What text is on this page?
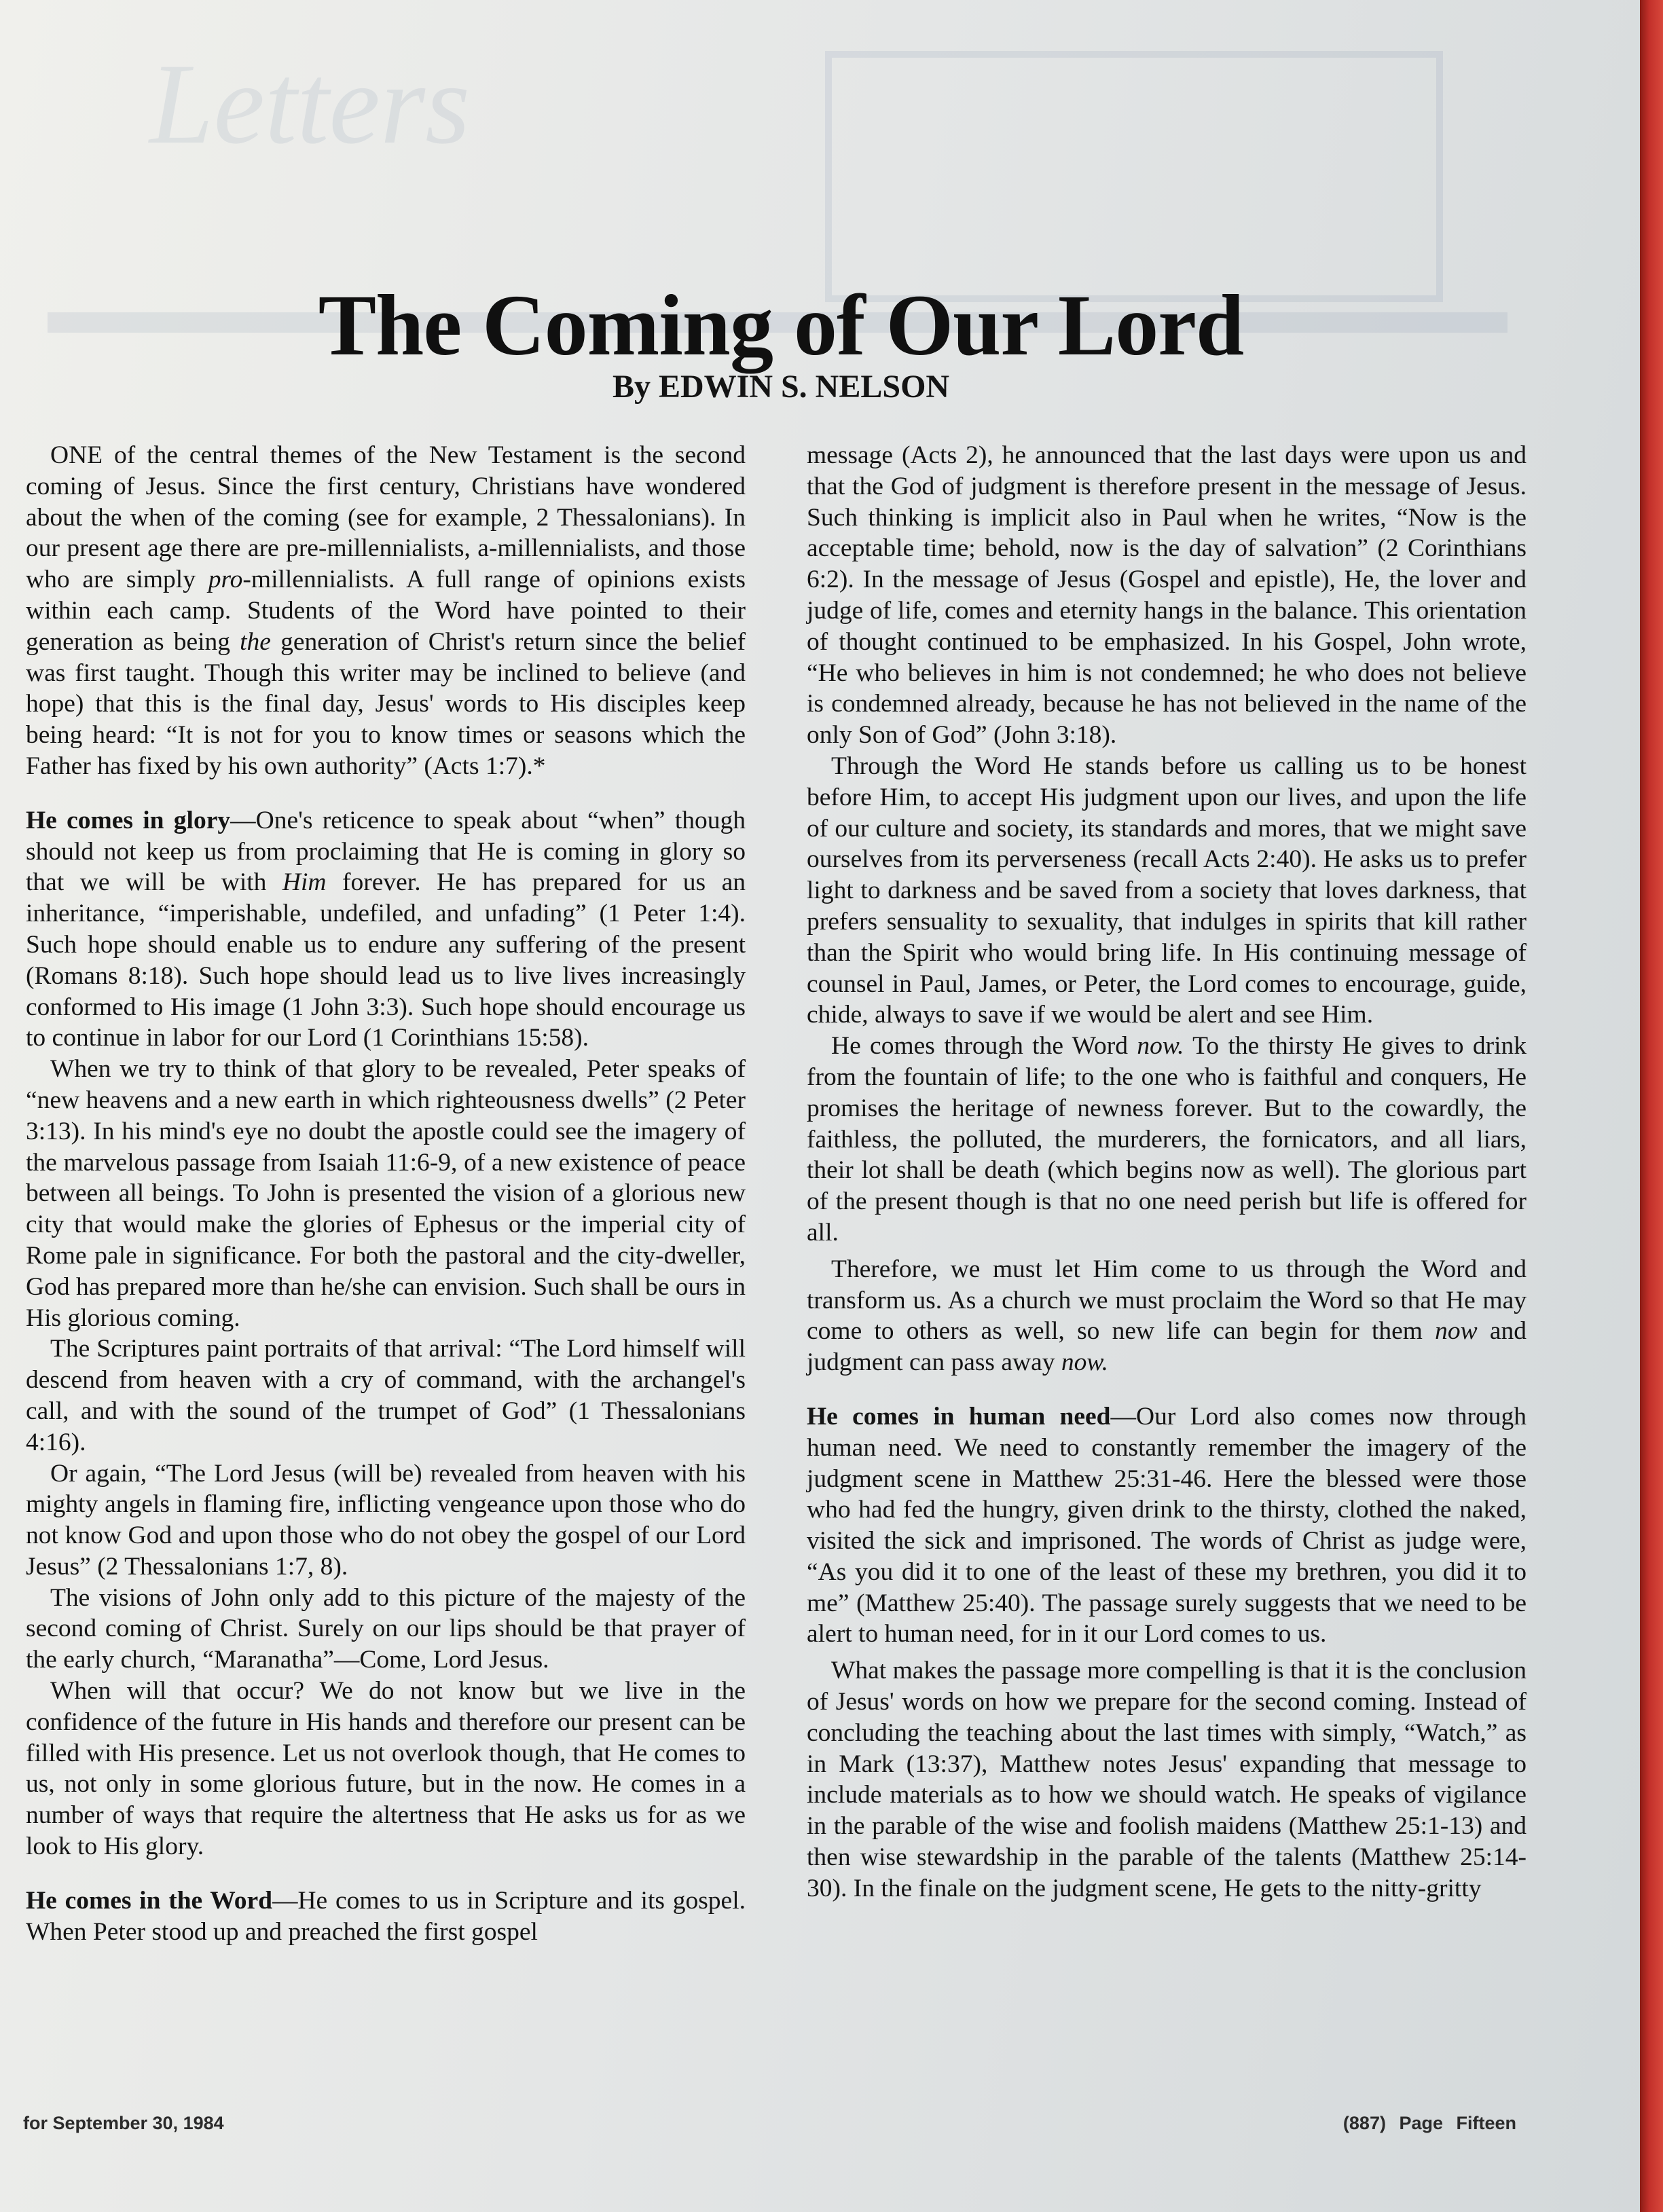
Letters
The Coming of Our Lord
By EDWIN S. NELSON

ONE of the central themes of the New Testament is the second coming of Jesus. Since the first century, Christians have wondered about the when of the coming (see for example, 2 Thessalonians). In our present age there are pre-millennialists, a-millennialists, and those who are simply pro-millennialists. A full range of opinions exists within each camp. Students of the Word have pointed to their generation as being the generation of Christ's return since the belief was first taught. Though this writer may be inclined to believe (and hope) that this is the final day, Jesus' words to His disciples keep being heard: “It is not for you to know times or seasons which the Father has fixed by his own authority” (Acts 1:7).*

He comes in glory—One's reticence to speak about “when” though should not keep us from proclaiming that He is coming in glory so that we will be with Him forever. He has prepared for us an inheritance, “imperishable, undefiled, and unfading” (1 Peter 1:4). Such hope should enable us to endure any suffering of the present (Romans 8:18). Such hope should lead us to live lives increasingly conformed to His image (1 John 3:3). Such hope should encourage us to continue in labor for our Lord (1 Corinthians 15:58).

When we try to think of that glory to be revealed, Peter speaks of “new heavens and a new earth in which righteousness dwells” (2 Peter 3:13). In his mind's eye no doubt the apostle could see the imagery of the marvelous passage from Isaiah 11:6-9, of a new existence of peace between all beings. To John is presented the vision of a glorious new city that would make the glories of Ephesus or the imperial city of Rome pale in significance. For both the pastoral and the city-dweller, God has prepared more than he/she can envision. Such shall be ours in His glorious coming.

The Scriptures paint portraits of that arrival: “The Lord himself will descend from heaven with a cry of command, with the archangel's call, and with the sound of the trumpet of God” (1 Thessalonians 4:16).

Or again, “The Lord Jesus (will be) revealed from heaven with his mighty angels in flaming fire, inflicting vengeance upon those who do not know God and upon those who do not obey the gospel of our Lord Jesus” (2 Thessalonians 1:7, 8).

The visions of John only add to this picture of the majesty of the second coming of Christ. Surely on our lips should be that prayer of the early church, “Maranatha”—Come, Lord Jesus.

When will that occur? We do not know but we live in the confidence of the future in His hands and therefore our present can be filled with His presence. Let us not overlook though, that He comes to us, not only in some glorious future, but in the now. He comes in a number of ways that require the altertness that He asks us for as we look to His glory.

He comes in the Word—He comes to us in Scripture and its gospel. When Peter stood up and preached the first gospel

message (Acts 2), he announced that the last days were upon us and that the God of judgment is therefore present in the message of Jesus. Such thinking is implicit also in Paul when he writes, “Now is the acceptable time; behold, now is the day of salvation” (2 Corinthians 6:2). In the message of Jesus (Gospel and epistle), He, the lover and judge of life, comes and eternity hangs in the balance. This orientation of thought continued to be emphasized. In his Gospel, John wrote, “He who believes in him is not condemned; he who does not believe is condemned already, because he has not believed in the name of the only Son of God” (John 3:18).

Through the Word He stands before us calling us to be honest before Him, to accept His judgment upon our lives, and upon the life of our culture and society, its standards and mores, that we might save ourselves from its perverseness (recall Acts 2:40). He asks us to prefer light to darkness and be saved from a society that loves darkness, that prefers sensuality to sexuality, that indulges in spirits that kill rather than the Spirit who would bring life. In His continuing message of counsel in Paul, James, or Peter, the Lord comes to encourage, guide, chide, always to save if we would be alert and see Him.

He comes through the Word now. To the thirsty He gives to drink from the fountain of life; to the one who is faithful and conquers, He promises the heritage of newness forever. But to the cowardly, the faithless, the polluted, the murderers, the fornicators, and all liars, their lot shall be death (which begins now as well). The glorious part of the present though is that no one need perish but life is offered for all.

Therefore, we must let Him come to us through the Word and transform us. As a church we must proclaim the Word so that He may come to others as well, so new life can begin for them now and judgment can pass away now.

He comes in human need—Our Lord also comes now through human need. We need to constantly remember the imagery of the judgment scene in Matthew 25:31-46. Here the blessed were those who had fed the hungry, given drink to the thirsty, clothed the naked, visited the sick and imprisoned. The words of Christ as judge were, “As you did it to one of the least of these my brethren, you did it to me” (Matthew 25:40). The passage surely suggests that we need to be alert to human need, for in it our Lord comes to us.

What makes the passage more compelling is that it is the conclusion of Jesus' words on how we prepare for the second coming. Instead of concluding the teaching about the last times with simply, “Watch,” as in Mark (13:37), Matthew notes Jesus' expanding that message to include materials as to how we should watch. He speaks of vigilance in the parable of the wise and foolish maidens (Matthew 25:1-13) and then wise stewardship in the parable of the talents (Matthew 25:14-30). In the finale on the judgment scene, He gets to the nitty-gritty

for September 30, 1984	(887) Page Fifteen
